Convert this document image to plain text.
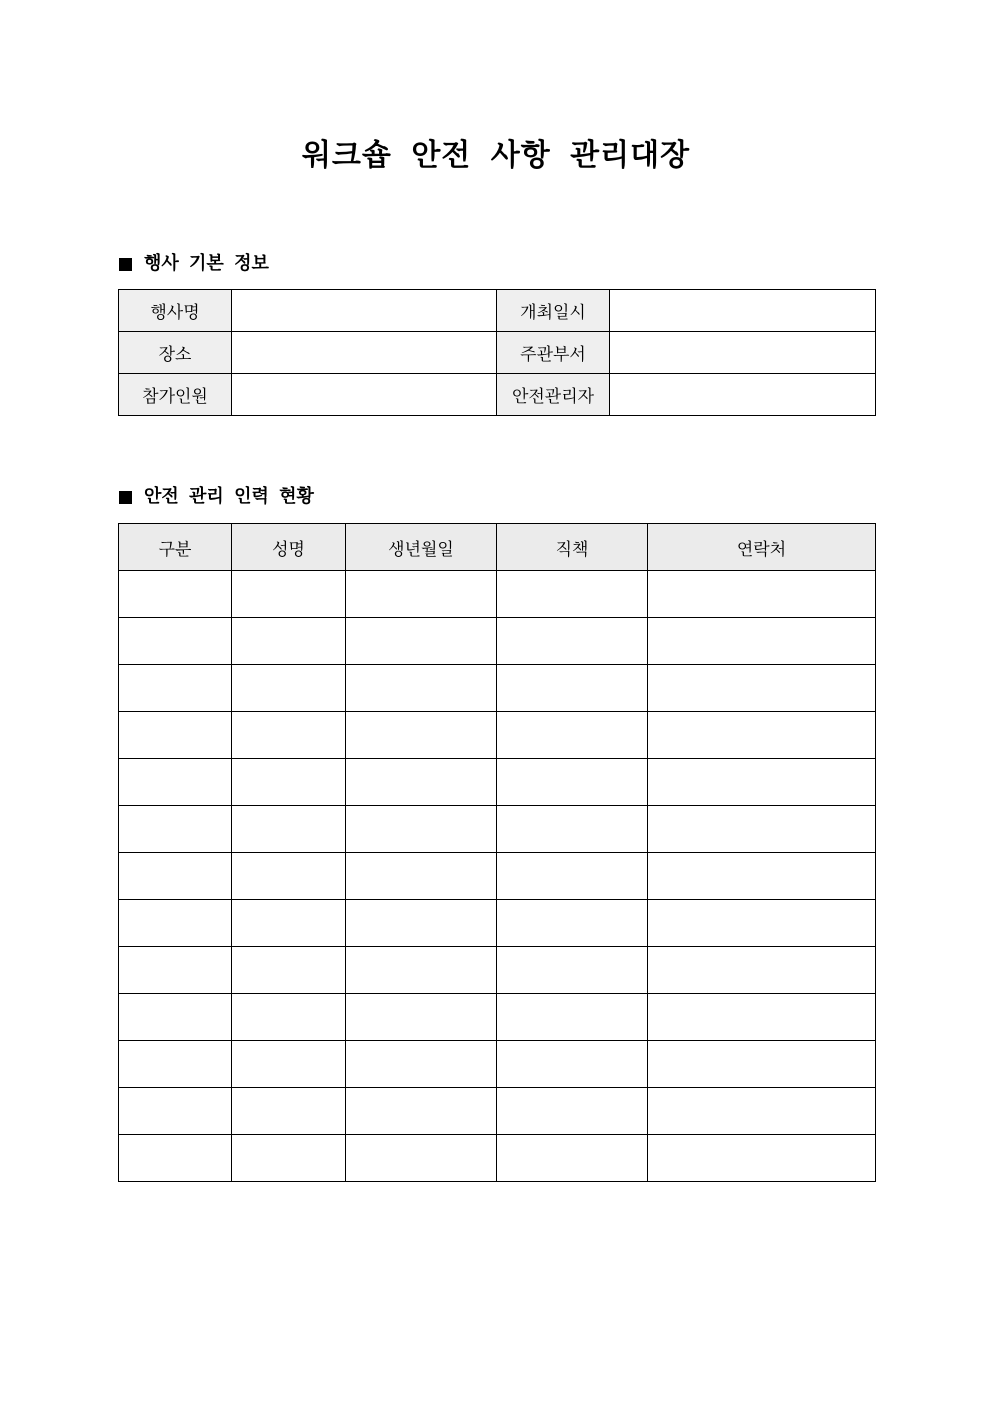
워크숍 안전 사항 관리대장
행사 기본 정보
행사명		개최일시	
장소		주관부서	
참가인원		안전관리자	
안전 관리 인력 현황
구분	성명	생년월일	직책	연락처
